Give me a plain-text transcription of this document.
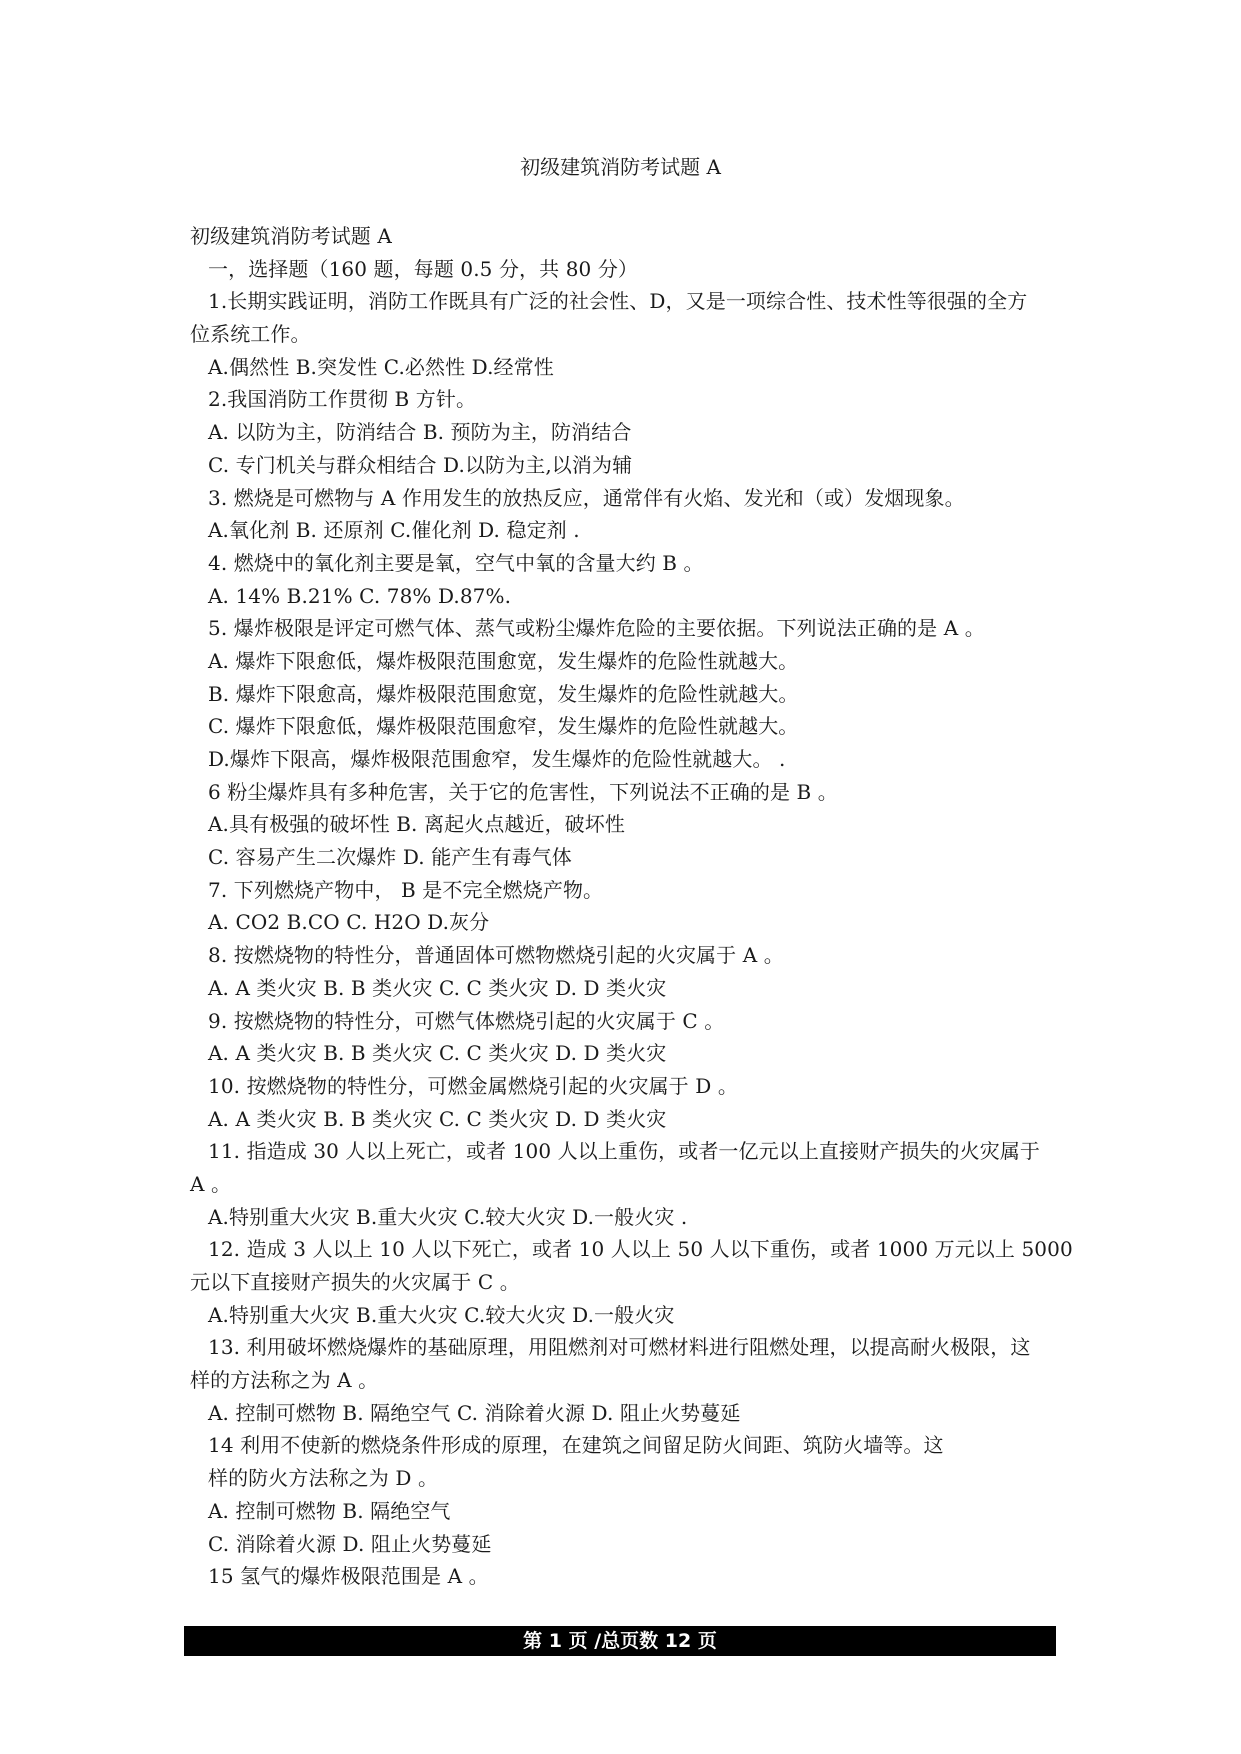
初级建筑消防考试题 A
初级建筑消防考试题 A
一，选择题（160 题，每题 0.5 分，共 80 分）
1.长期实践证明，消防工作既具有广泛的社会性、D，又是一项综合性、技术性等很强的全方
位系统工作。
A.偶然性 B.突发性 C.必然性 D.经常性
2.我国消防工作贯彻 B 方针。
A. 以防为主，防消结合 B. 预防为主，防消结合
C. 专门机关与群众相结合 D.以防为主,以消为辅
3. 燃烧是可燃物与 A 作用发生的放热反应，通常伴有火焰、发光和（或）发烟现象。
A.氧化剂 B. 还原剂 C.催化剂 D. 稳定剂 .
4. 燃烧中的氧化剂主要是氧，空气中氧的含量大约 B 。
A. 14% B.21% C. 78% D.87%.
5. 爆炸极限是评定可燃气体、蒸气或粉尘爆炸危险的主要依据。下列说法正确的是 A 。
A. 爆炸下限愈低，爆炸极限范围愈宽，发生爆炸的危险性就越大。
B. 爆炸下限愈高，爆炸极限范围愈宽，发生爆炸的危险性就越大。
C. 爆炸下限愈低，爆炸极限范围愈窄，发生爆炸的危险性就越大。
D.爆炸下限高，爆炸极限范围愈窄，发生爆炸的危险性就越大。 .
6 粉尘爆炸具有多种危害，关于它的危害性，下列说法不正确的是 B 。
A.具有极强的破坏性 B. 离起火点越近，破坏性
C. 容易产生二次爆炸 D. 能产生有毒气体
7. 下列燃烧产物中， B 是不完全燃烧产物。
A. CO2 B.CO C. H2O D.灰分
8. 按燃烧物的特性分，普通固体可燃物燃烧引起的火灾属于 A 。
A. A 类火灾 B. B 类火灾 C. C 类火灾 D. D 类火灾
9. 按燃烧物的特性分，可燃气体燃烧引起的火灾属于 C 。
A. A 类火灾 B. B 类火灾 C. C 类火灾 D. D 类火灾
10. 按燃烧物的特性分，可燃金属燃烧引起的火灾属于 D 。
A. A 类火灾 B. B 类火灾 C. C 类火灾 D. D 类火灾
11. 指造成 30 人以上死亡，或者 100 人以上重伤，或者一亿元以上直接财产损失的火灾属于
A 。
A.特别重大火灾 B.重大火灾 C.较大火灾 D.一般火灾 .
12. 造成 3 人以上 10 人以下死亡，或者 10 人以上 50 人以下重伤，或者 1000 万元以上 5000
元以下直接财产损失的火灾属于 C 。
A.特别重大火灾 B.重大火灾 C.较大火灾 D.一般火灾
13. 利用破坏燃烧爆炸的基础原理，用阻燃剂对可燃材料进行阻燃处理，以提高耐火极限，这
样的方法称之为 A 。
A. 控制可燃物 B. 隔绝空气 C. 消除着火源 D. 阻止火势蔓延
14 利用不使新的燃烧条件形成的原理，在建筑之间留足防火间距、筑防火墙等。这
样的防火方法称之为 D 。
A. 控制可燃物 B. 隔绝空气
C. 消除着火源 D. 阻止火势蔓延
15 氢气的爆炸极限范围是 A 。
第 1 页 /总页数 12 页
